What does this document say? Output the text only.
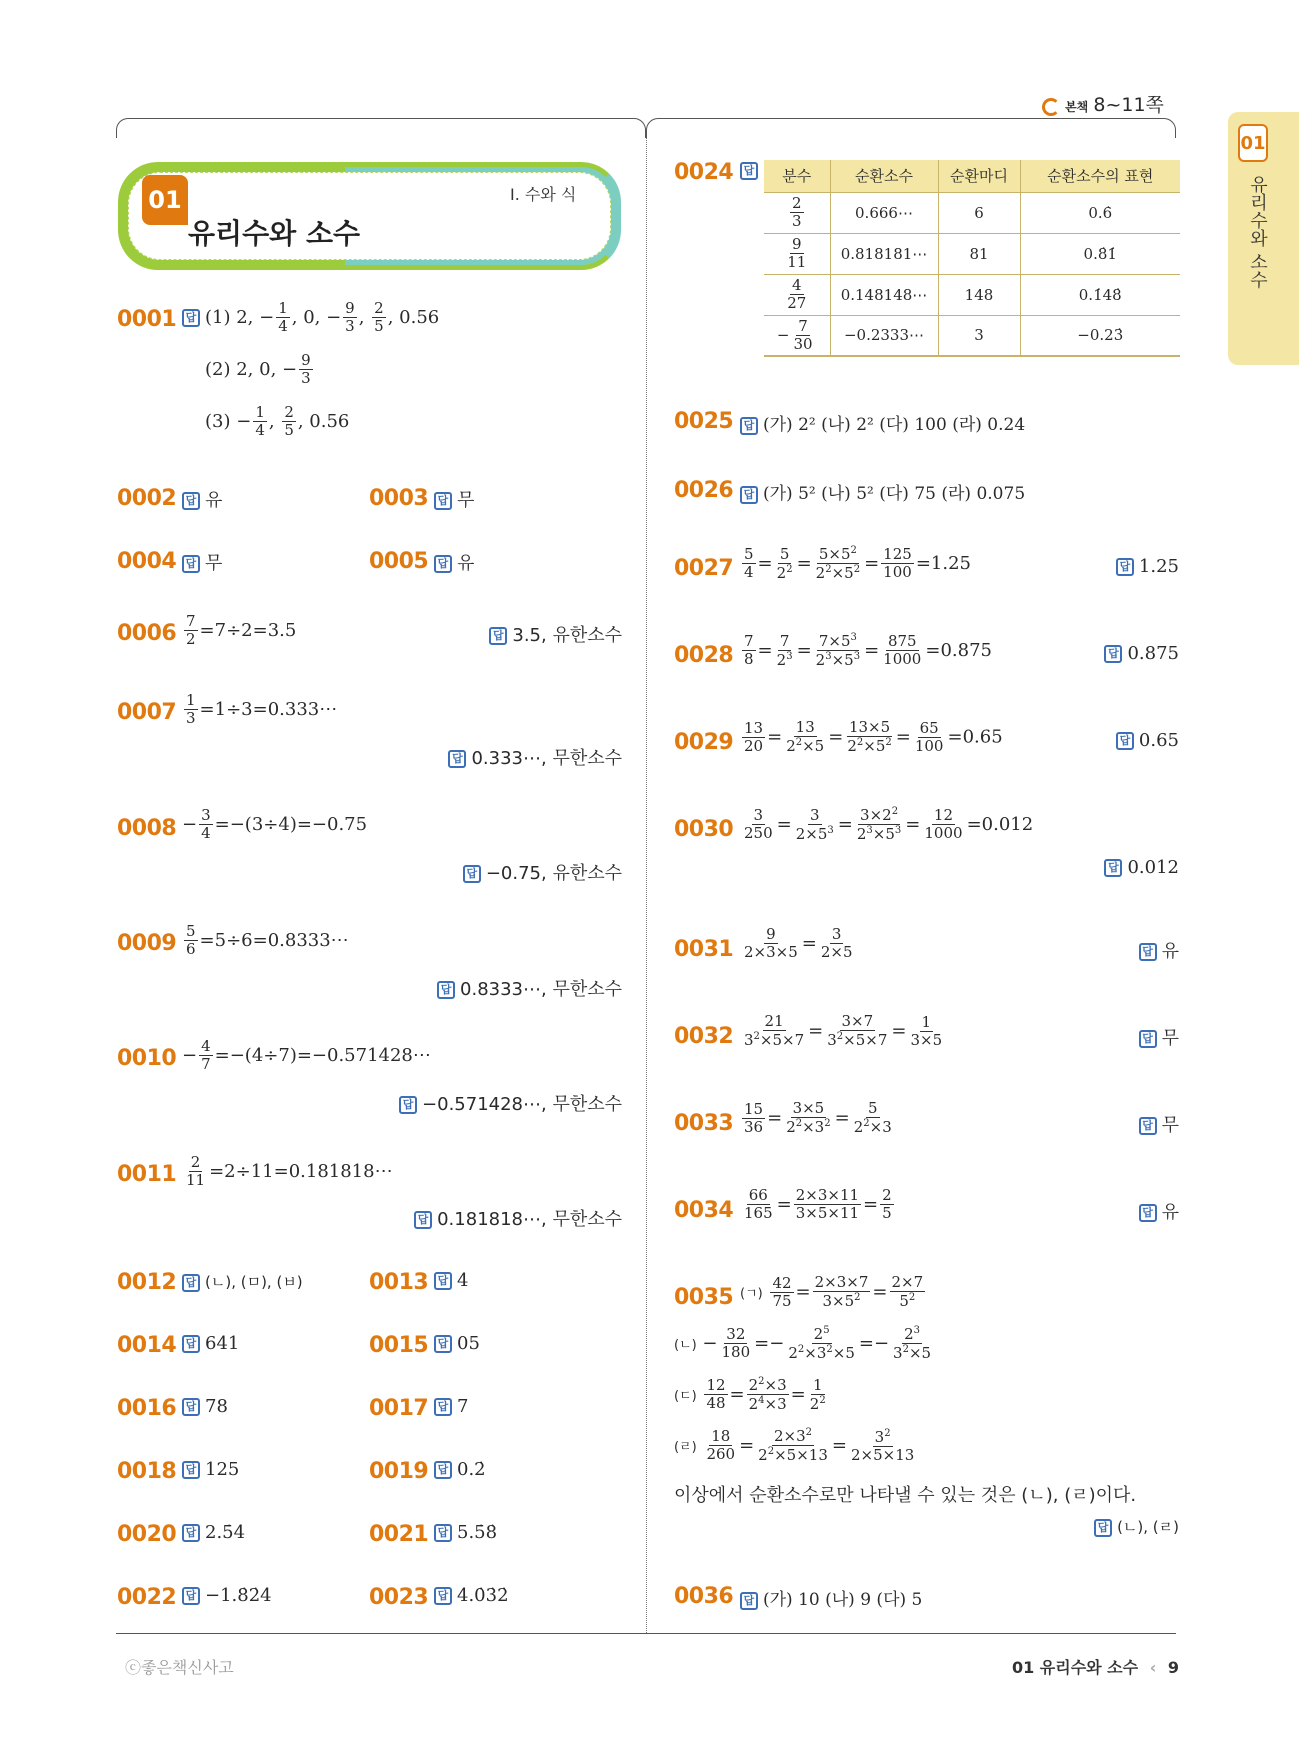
본책 8~11쪽
01
유리수와 소수
01
유리수와 소수
Ⅰ. 수와 식
0001 답 (1) 2, − $\frac{1}{4}$ , 0, − $\frac{9}{3}$ , $\frac{2}{5}$ , 0.56
(2) 2, 0, − $\frac{9}{3}$
$(3) - \frac{1}{4}$ , $\frac{2}{5}$ , 0.56
0002 답 유	0003 답 무
0004 답 무	0005 답 유
$0006 \frac{7}{2} =7\div 2=3.5$	답 3.5, 유한소수
$0007 \frac{1}{3}$ =1÷3=0.333⋯
답 0.333⋯, 무한소수
$0008 - \frac{3}{4} =-(3\div 4)=-0.75$
답 −0.75, 유한소수
$0009 \frac{5}{6}$ =5÷6=0.8333⋯
답 0.8333⋯, 무한소수
$0010 - \frac{4}{7}$ =−(4÷7)=−0.571428⋯
답 −0.571428⋯, 무한소수
$0011 \frac{2}{11}$ =2÷11=0.181818⋯
답 0.181818⋯, 무한소수
0012 답 (ㄴ), (ㅁ), (ㅂ)	0013 답 4
0014 답 641	0015 답 05
0016 답 78	0017 답 7
0018 답 125	0019 답 0.2̇
0020 답 2.5̇4̇	0021 답 5.5̇8̇
0022 답 −1.8̇2̇4̇	0023 답 4.0̇3̇2̇
0024 답	분수	순환소수	순환마디	순환소수의 표현

$\frac{2}{3}$	0.666⋯	6	0.6̇

$\frac{9}{11}$	0.818181⋯	81	0.8̇1̇

$\frac{4}{27}$	0.148148⋯	148	0.1̇48̇
− $\frac{7}{30}$	−0.2333⋯	3	−0.23̇
0025 답 (가) 2² (나) 2² (다) 100 (라) 0.24
0026 답 (가) 5² (나) 5² (다) 75 (라) 0.075
$0027 \frac{5}{4} = \frac{5}{2^2} = \frac{5\times 5^2}{2^2\times 5^2} = \frac{125}{100} =1.25$	답 1.25
$0028 \frac{7}{8} = \frac{7}{2^3} = \frac{7\times 5^3}{2^3\times 5^3} = \frac{875}{1000} =0.875$	답 0.875
$0029 \frac{13}{20} = \frac{13}{2^2\times 5} = \frac{13\times 5}{2^2\times 5^2} = \frac{65}{100} =0.65$	답 0.65
$0030 \frac{3}{250} = \frac{3}{2\times 5^3} = \frac{3\times 2^2}{2^3\times 5^3} = \frac{12}{1000} =0.012$
답 0.012
$0031 \frac{9}{2\times 3\times 5} = \frac{3}{2\times 5}$	답 유
$0032 \frac{21}{3^2\times 5\times 7} = \frac{3\times 7}{3^2\times 5\times 7} = \frac{1}{3\times 5}$	답 무
$0033 \frac{15}{36} = \frac{3\times 5}{2^2\times 3^2} = \frac{5}{2^2\times 3}$	답 무
$0034 \frac{66}{165} = \frac{2\times 3\times 11}{3\times 5\times 11} = \frac{2}{5}$	답 유
0035 (ㄱ) $\frac{42}{75} = \frac{2\times 3\times 7}{3\times 5^2} = \frac{2\times 7}{5^2}$
(ㄴ) − $\frac{32}{180} =- \frac{2^5}{2^2\times 3^2\times 5} =- \frac{2^3}{3^2\times 5}$
(ㄷ) $\frac{12}{48} = \frac{2^2\times 3}{2^4\times 3} = \frac{1}{2^2}$
(ㄹ) $\frac{18}{260} = \frac{2\times 3^2}{2^2\times 5\times 13} = \frac{3^2}{2\times 5\times 13}$
이상에서 순환소수로만 나타낼 수 있는 것은 (ㄴ), (ㄹ)이다.
답 (ㄴ), (ㄹ)
0036 답 (가) 10 (나) 9 (다) 5
ⓒ좋은책신사고	01 유리수와 소수 ‹ 9
